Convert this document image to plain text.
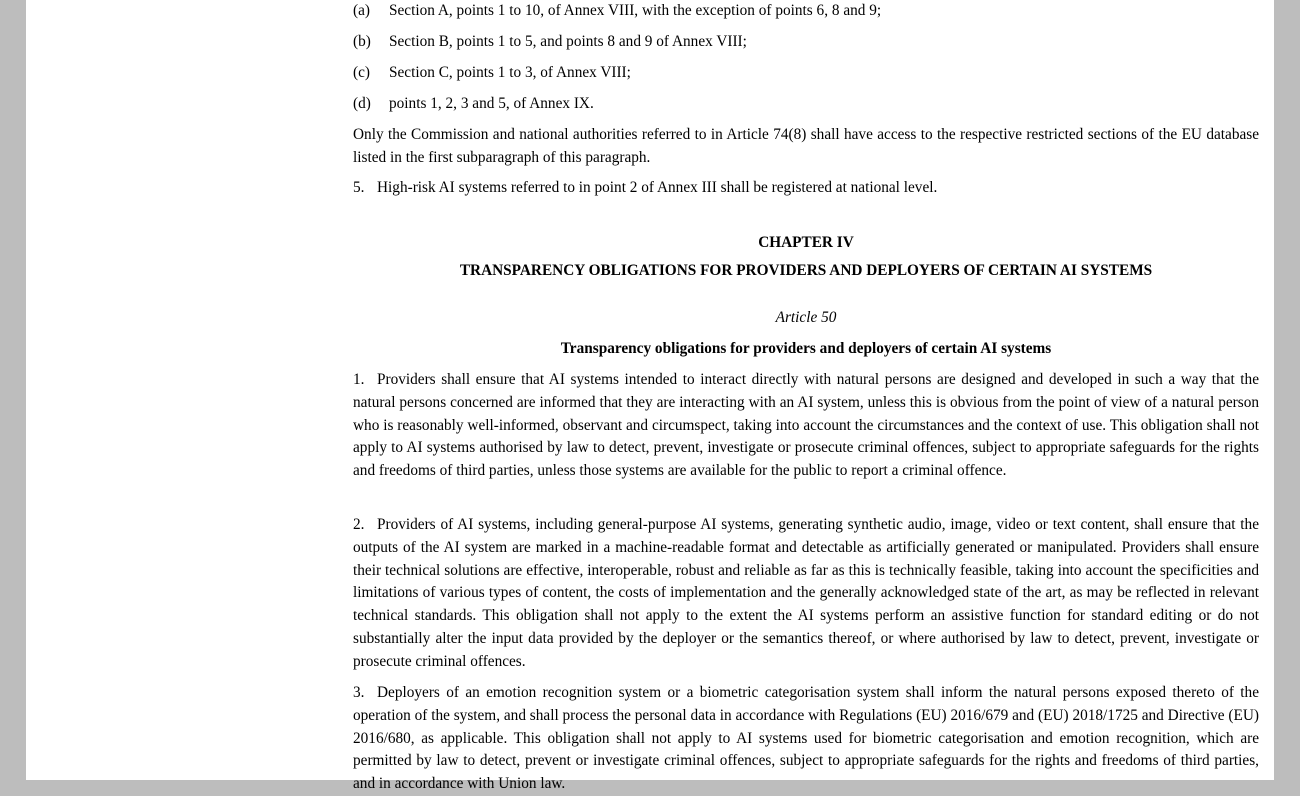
(a) Section A, points 1 to 10, of Annex VIII, with the exception of points 6, 8 and 9;
(b) Section B, points 1 to 5, and points 8 and 9 of Annex VIII;
(c) Section C, points 1 to 3, of Annex VIII;
(d) points 1, 2, 3 and 5, of Annex IX.
Only the Commission and national authorities referred to in Article 74(8) shall have access to the respective restricted sections of the EU database listed in the first subparagraph of this paragraph.
5. High-risk AI systems referred to in point 2 of Annex III shall be registered at national level.
CHAPTER IV
TRANSPARENCY OBLIGATIONS FOR PROVIDERS AND DEPLOYERS OF CERTAIN AI SYSTEMS
Article 50
Transparency obligations for providers and deployers of certain AI systems
1. Providers shall ensure that AI systems intended to interact directly with natural persons are designed and developed in such a way that the natural persons concerned are informed that they are interacting with an AI system, unless this is obvious from the point of view of a natural person who is reasonably well-informed, observant and circumspect, taking into account the circumstances and the context of use. This obligation shall not apply to AI systems authorised by law to detect, prevent, investigate or prosecute criminal offences, subject to appropriate safeguards for the rights and freedoms of third parties, unless those systems are available for the public to report a criminal offence.
2. Providers of AI systems, including general-purpose AI systems, generating synthetic audio, image, video or text content, shall ensure that the outputs of the AI system are marked in a machine-readable format and detectable as artificially generated or manipulated. Providers shall ensure their technical solutions are effective, interoperable, robust and reliable as far as this is technically feasible, taking into account the specificities and limitations of various types of content, the costs of implementation and the generally acknowledged state of the art, as may be reflected in relevant technical standards. This obligation shall not apply to the extent the AI systems perform an assistive function for standard editing or do not substantially alter the input data provided by the deployer or the semantics thereof, or where authorised by law to detect, prevent, investigate or prosecute criminal offences.
3. Deployers of an emotion recognition system or a biometric categorisation system shall inform the natural persons exposed thereto of the operation of the system, and shall process the personal data in accordance with Regulations (EU) 2016/679 and (EU) 2018/1725 and Directive (EU) 2016/680, as applicable. This obligation shall not apply to AI systems used for biometric categorisation and emotion recognition, which are permitted by law to detect, prevent or investigate criminal offences, subject to appropriate safeguards for the rights and freedoms of third parties, and in accordance with Union law.
